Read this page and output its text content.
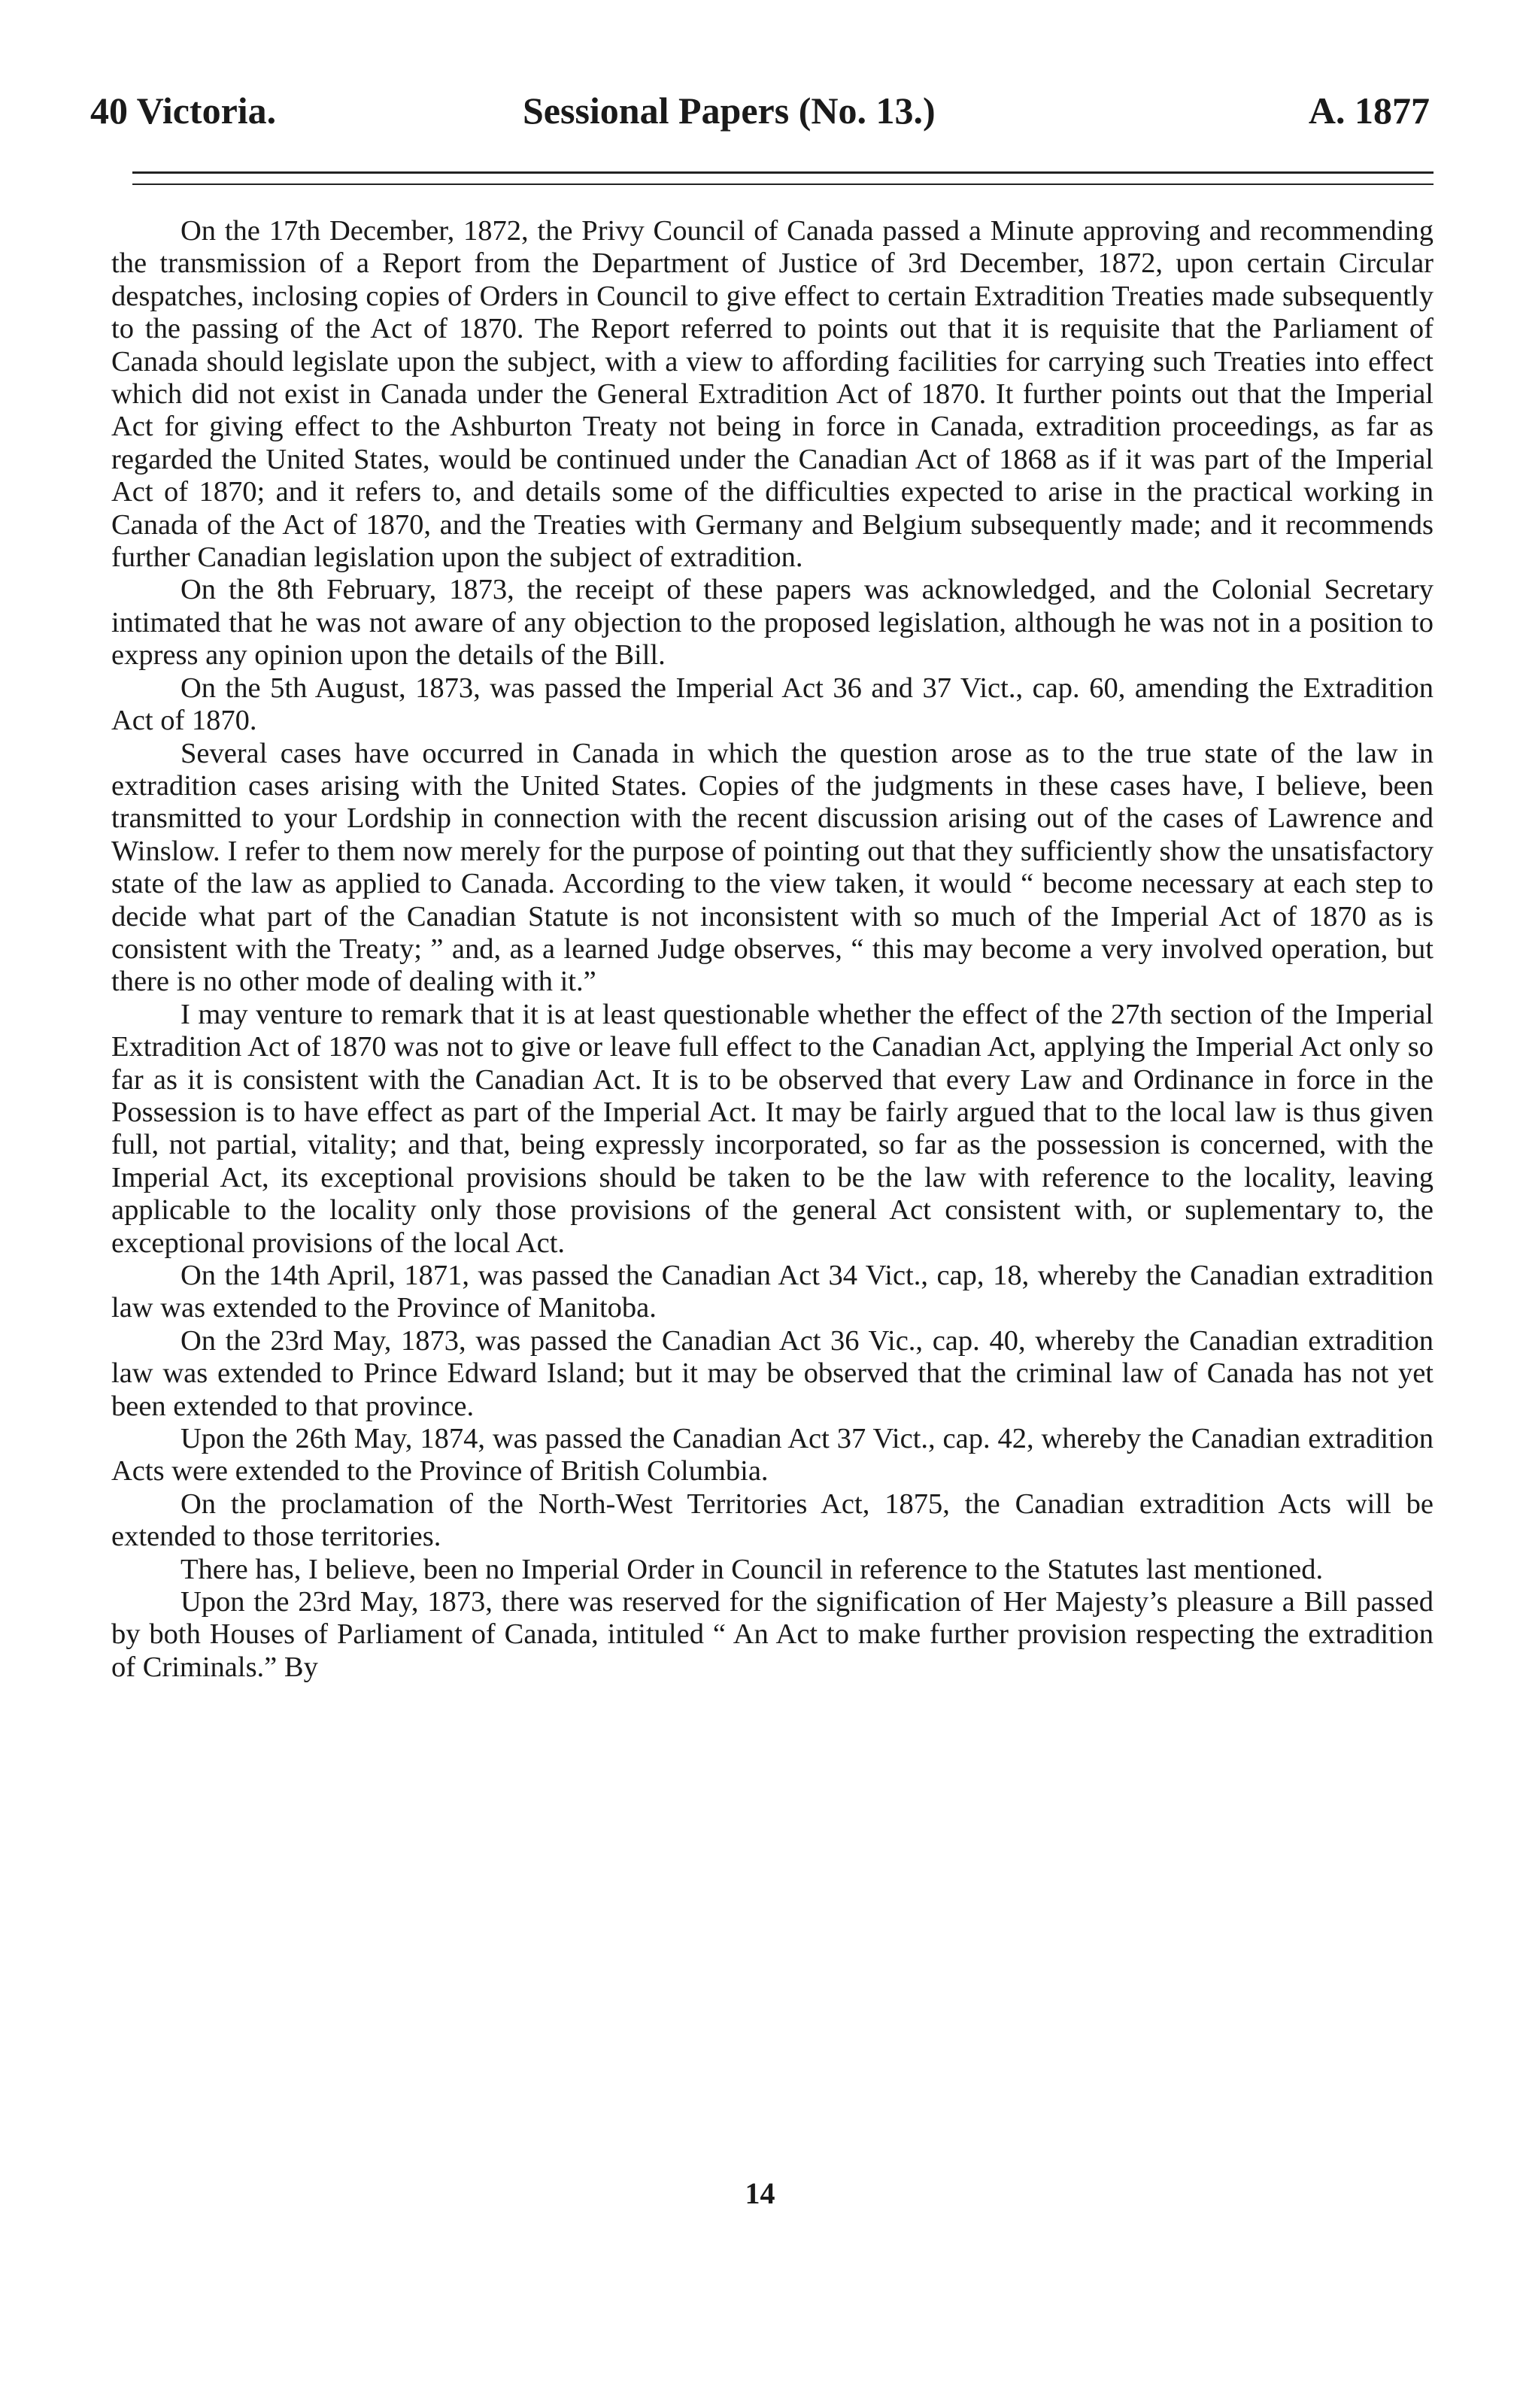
40 Victoria.	Sessional Papers (No. 13.)	A. 1877

On the 17th December, 1872, the Privy Council of Canada passed a Minute approving and recommending the transmission of a Report from the Department of Justice of 3rd December, 1872, upon certain Circular despatches, inclosing copies of Orders in Council to give effect to certain Extradition Treaties made subsequently to the passing of the Act of 1870. The Report referred to points out that it is requisite that the Parliament of Canada should legislate upon the subject, with a view to affording facilities for carrying such Treaties into effect which did not exist in Canada under the General Extradition Act of 1870. It further points out that the Imperial Act for giving effect to the Ashburton Treaty not being in force in Canada, extradition proceedings, as far as regarded the United States, would be continued under the Canadian Act of 1868 as if it was part of the Imperial Act of 1870; and it refers to, and details some of the difficulties expected to arise in the practical working in Canada of the Act of 1870, and the Treaties with Germany and Belgium subsequently made; and it recommends further Canadian legislation upon the subject of extradition.

On the 8th February, 1873, the receipt of these papers was acknowledged, and the Colonial Secretary intimated that he was not aware of any objection to the proposed legislation, although he was not in a position to express any opinion upon the details of the Bill.

On the 5th August, 1873, was passed the Imperial Act 36 and 37 Vict., cap. 60, amending the Extradition Act of 1870.

Several cases have occurred in Canada in which the question arose as to the true state of the law in extradition cases arising with the United States. Copies of the judgments in these cases have, I believe, been transmitted to your Lordship in connection with the recent discussion arising out of the cases of Lawrence and Winslow. I refer to them now merely for the purpose of pointing out that they sufficiently show the unsatisfactory state of the law as applied to Canada. According to the view taken, it would “ become necessary at each step to decide what part of the Canadian Statute is not inconsistent with so much of the Imperial Act of 1870 as is consistent with the Treaty; ” and, as a learned Judge observes, “ this may become a very involved operation, but there is no other mode of dealing with it.”

I may venture to remark that it is at least questionable whether the effect of the 27th section of the Imperial Extradition Act of 1870 was not to give or leave full effect to the Canadian Act, applying the Imperial Act only so far as it is consistent with the Canadian Act. It is to be observed that every Law and Ordinance in force in the Possession is to have effect as part of the Imperial Act. It may be fairly argued that to the local law is thus given full, not partial, vitality; and that, being expressly incorporated, so far as the possession is concerned, with the Imperial Act, its exceptional provisions should be taken to be the law with reference to the locality, leaving applicable to the locality only those provisions of the general Act consistent with, or suplementary to, the exceptional provisions of the local Act.

On the 14th April, 1871, was passed the Canadian Act 34 Vict., cap, 18, whereby the Canadian extradition law was extended to the Province of Manitoba.

On the 23rd May, 1873, was passed the Canadian Act 36 Vic., cap. 40, whereby the Canadian extradition law was extended to Prince Edward Island; but it may be observed that the criminal law of Canada has not yet been extended to that province.

Upon the 26th May, 1874, was passed the Canadian Act 37 Vict., cap. 42, whereby the Canadian extradition Acts were extended to the Province of British Columbia.

On the proclamation of the North-West Territories Act, 1875, the Canadian extradition Acts will be extended to those territories.

There has, I believe, been no Imperial Order in Council in reference to the Statutes last mentioned.

Upon the 23rd May, 1873, there was reserved for the signification of Her Majesty’s pleasure a Bill passed by both Houses of Parliament of Canada, intituled “ An Act to make further provision respecting the extradition of Criminals.” By

14
